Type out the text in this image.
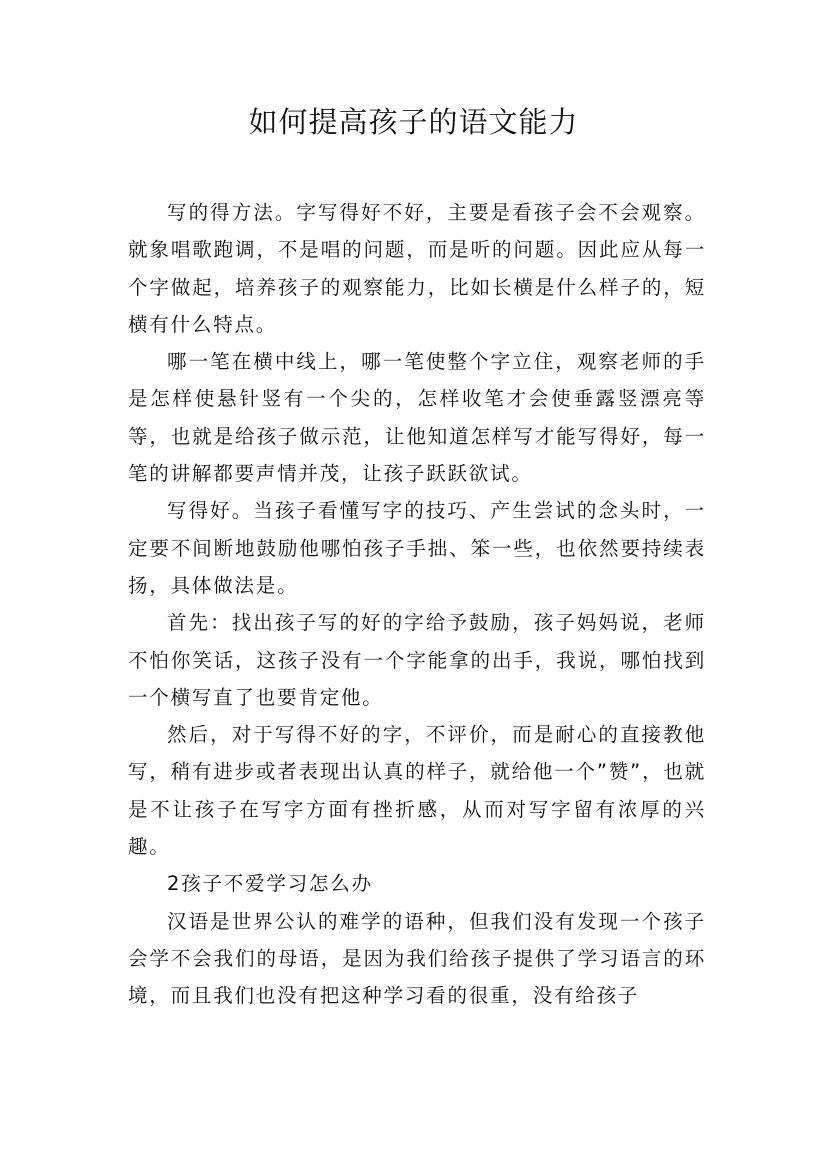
如何提高孩子的语文能力

写的得方法。字写得好不好，主要是看孩子会不会观察。就象唱歌跑调，不是唱的问题，而是听的问题。因此应从每一个字做起，培养孩子的观察能力，比如长横是什么样子的，短横有什么特点。

哪一笔在横中线上，哪一笔使整个字立住，观察老师的手是怎样使悬针竖有一个尖的，怎样收笔才会使垂露竖漂亮等等，也就是给孩子做示范，让他知道怎样写才能写得好，每一笔的讲解都要声情并茂，让孩子跃跃欲试。

写得好。当孩子看懂写字的技巧、产生尝试的念头时，一定要不间断地鼓励他哪怕孩子手拙、笨一些，也依然要持续表扬，具体做法是。

首先：找出孩子写的好的字给予鼓励，孩子妈妈说，老师不怕你笑话，这孩子没有一个字能拿的出手，我说，哪怕找到一个横写直了也要肯定他。

然后，对于写得不好的字，不评价，而是耐心的直接教他写，稍有进步或者表现出认真的样子，就给他一个”赞”，也就是不让孩子在写字方面有挫折感，从而对写字留有浓厚的兴趣。

2孩子不爱学习怎么办

汉语是世界公认的难学的语种，但我们没有发现一个孩子会学不会我们的母语，是因为我们给孩子提供了学习语言的环境，而且我们也没有把这种学习看的很重，没有给孩子
